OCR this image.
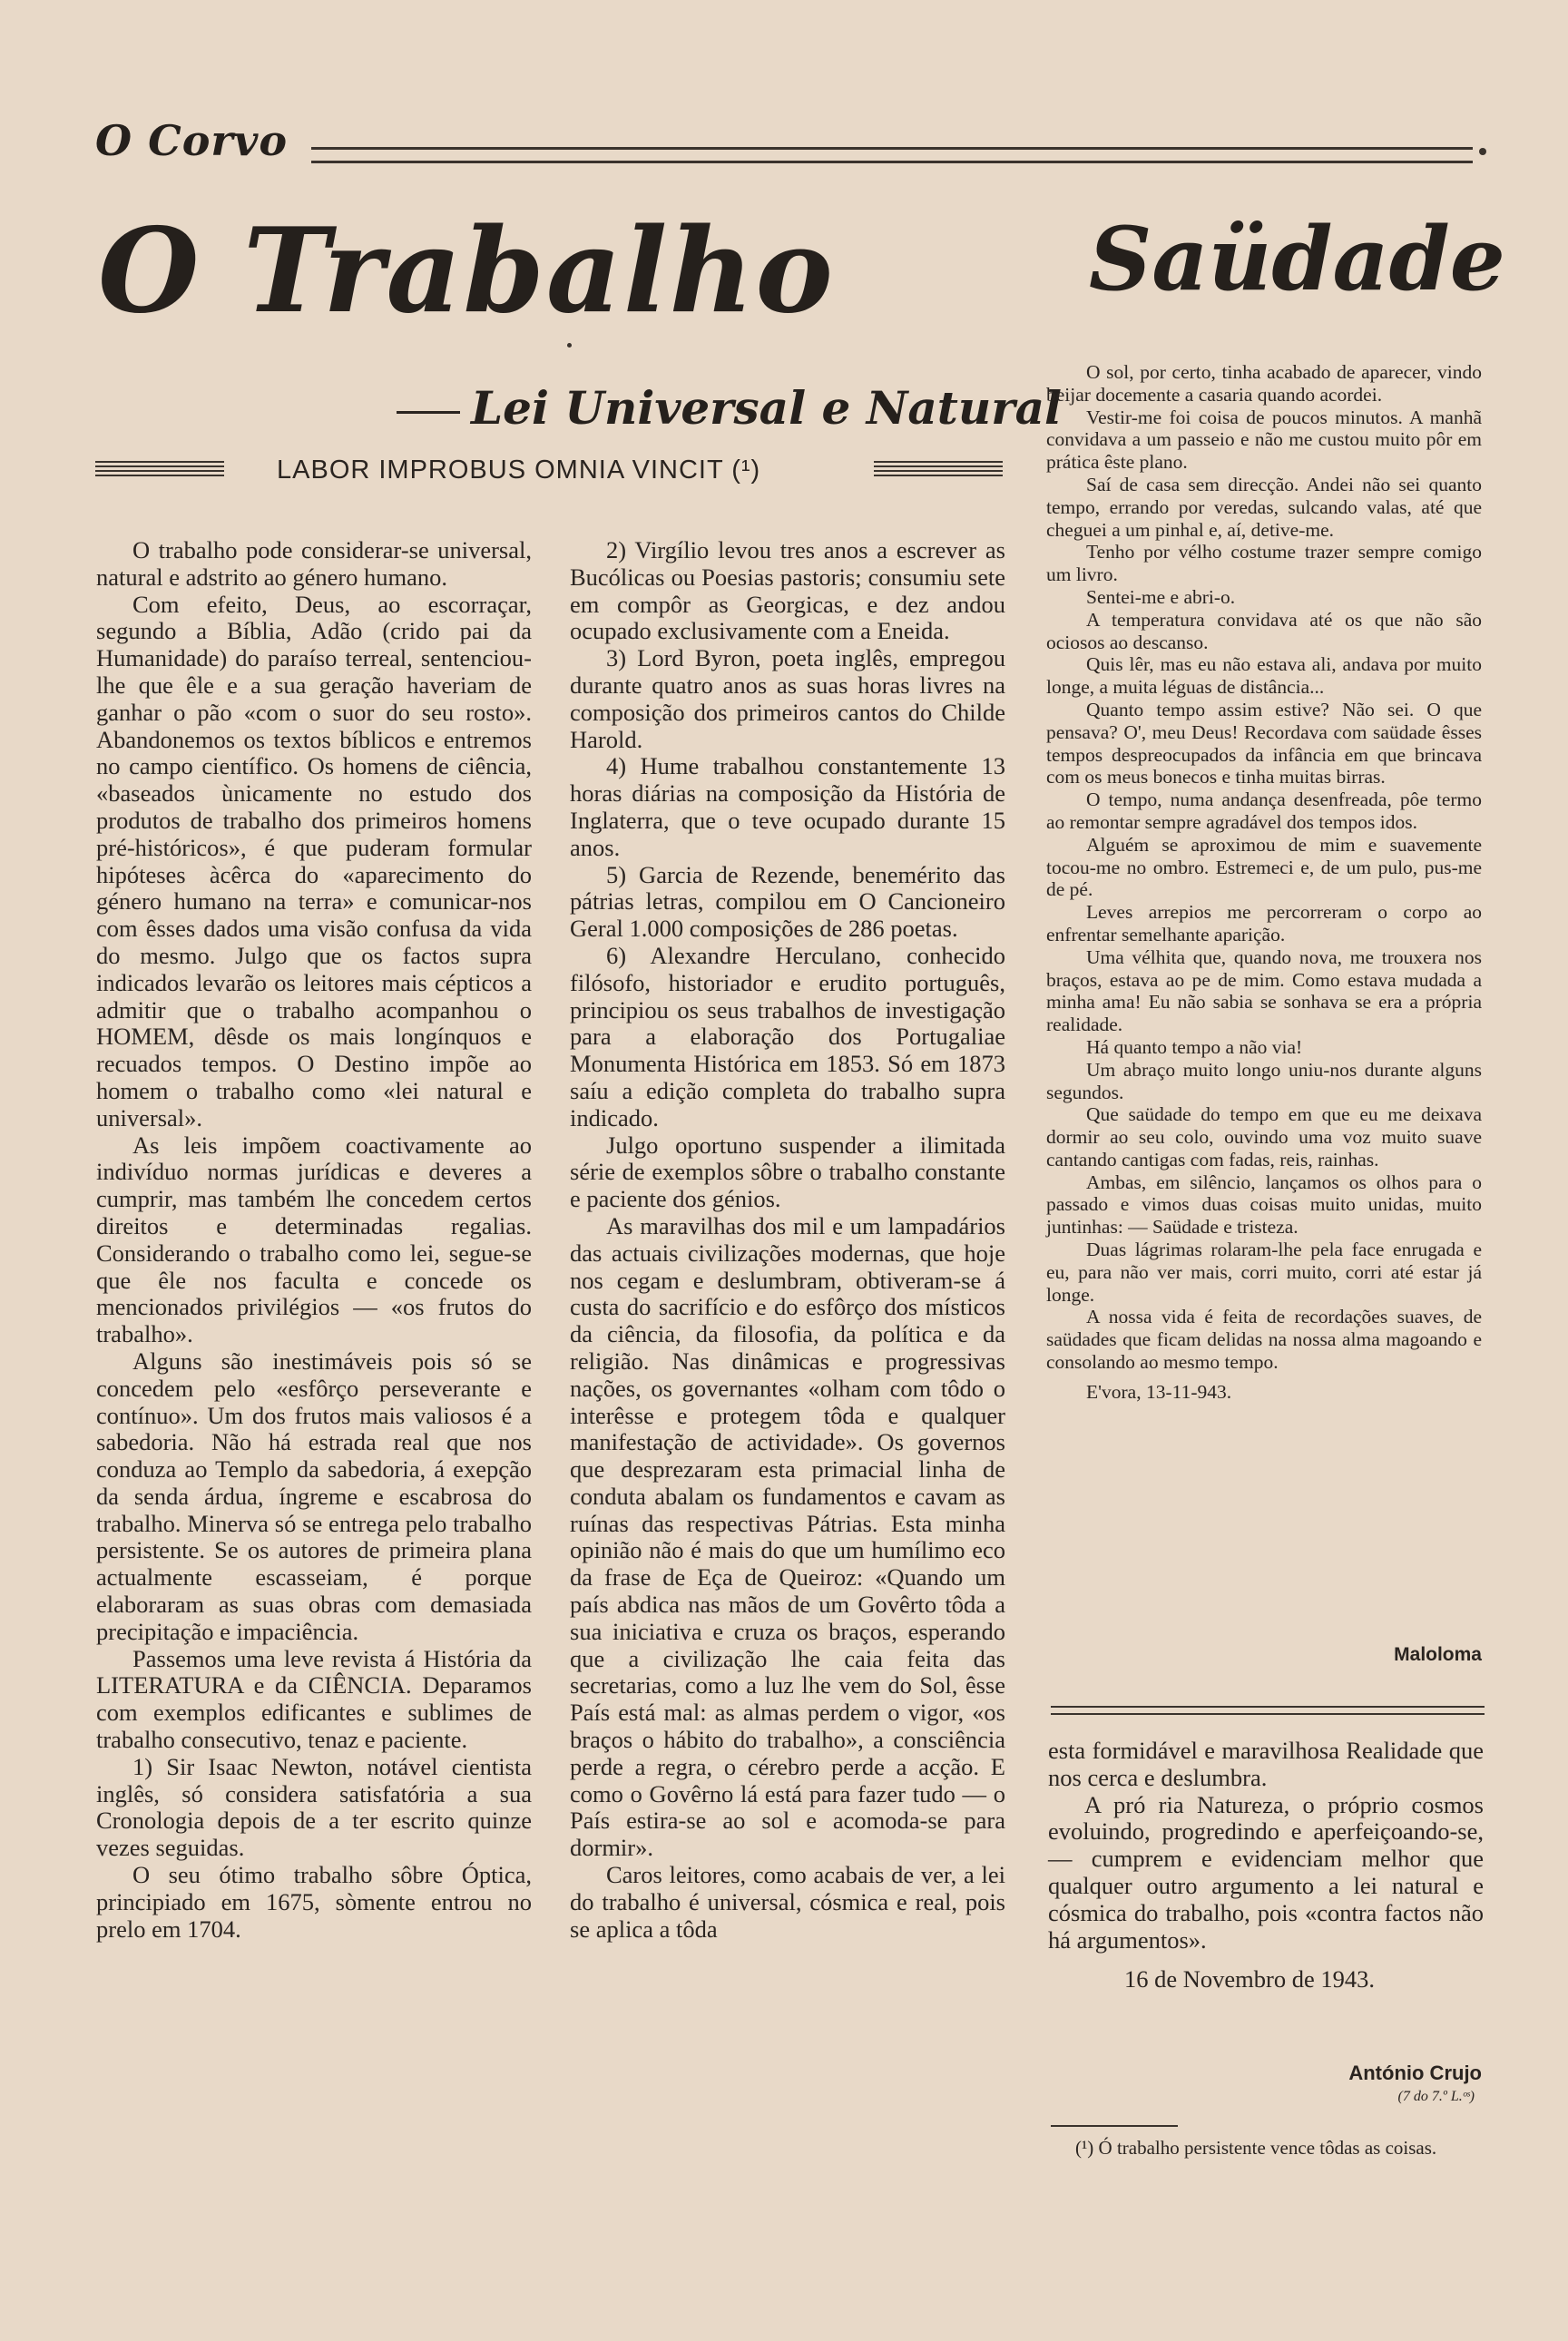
O Corvo
O Trabalho
Lei Universal e Natural
LABOR IMPROBUS OMNIA VINCIT (¹)

O trabalho pode considerar-se universal, natural e adstrito ao género humano.

Com efeito, Deus, ao escorraçar, segundo a Bíblia, Adão (crido pai da Humanidade) do paraíso terreal, sentenciou-lhe que êle e a sua geração haveriam de ganhar o pão «com o suor do seu rosto». Abandonemos os textos bíblicos e entremos no campo científico. Os homens de ciência, «baseados ùnicamente no estudo dos produtos de trabalho dos primeiros homens pré-históricos», é que puderam formular hipóteses àcêrca do «aparecimento do género humano na terra» e comunicar-nos com êsses dados uma visão confusa da vida do mesmo. Julgo que os factos supra indicados levarão os leitores mais cépticos a admitir que o trabalho acompanhou o HOMEM, dêsde os mais longínquos e recuados tempos. O Destino impõe ao homem o trabalho como «lei natural e universal».

As leis impõem coactivamente ao indivíduo normas jurídicas e deveres a cumprir, mas também lhe concedem certos direitos e determinadas regalias. Considerando o trabalho como lei, segue-se que êle nos faculta e concede os mencionados privilégios — «os frutos do trabalho».

Alguns são inestimáveis pois só se concedem pelo «esfôrço perseverante e contínuo». Um dos frutos mais valiosos é a sabedoria. Não há estrada real que nos conduza ao Templo da sabedoria, á exepção da senda árdua, íngreme e escabrosa do trabalho. Minerva só se entrega pelo trabalho persistente. Se os autores de primeira plana actualmente escasseiam, é porque elaboraram as suas obras com demasiada precipitação e impaciência.

Passemos uma leve revista á História da LITERATURA e da CIÊNCIA. Deparamos com exemplos edificantes e sublimes de trabalho consecutivo, tenaz e paciente.

1) Sir Isaac Newton, notável cientista inglês, só considera satisfatória a sua Cronologia depois de a ter escrito quinze vezes seguidas.

O seu ótimo trabalho sôbre Óptica, principiado em 1675, sòmente entrou no prelo em 1704.

2) Virgílio levou tres anos a escrever as Bucólicas ou Poesias pastoris; consumiu sete em compôr as Georgicas, e dez andou ocupado exclusivamente com a Eneida.

3) Lord Byron, poeta inglês, empregou durante quatro anos as suas horas livres na composição dos primeiros cantos do Childe Harold.

4) Hume trabalhou constantemente 13 horas diárias na composição da História de Inglaterra, que o teve ocupado durante 15 anos.

5) Garcia de Rezende, benemérito das pátrias letras, compilou em O Cancioneiro Geral 1.000 composições de 286 poetas.

6) Alexandre Herculano, conhecido filósofo, historiador e erudito português, principiou os seus trabalhos de investigação para a elaboração dos Portugaliae Monumenta Histórica em 1853. Só em 1873 saíu a edição completa do trabalho supra indicado.

Julgo oportuno suspender a ilimitada série de exemplos sôbre o trabalho constante e paciente dos génios.

As maravilhas dos mil e um lampadários das actuais civilizações modernas, que hoje nos cegam e deslumbram, obtiveram-se á custa do sacrifício e do esfôrço dos místicos da ciência, da filosofia, da política e da religião. Nas dinâmicas e progressivas nações, os governantes «olham com tôdo o interêsse e protegem tôda e qualquer manifestação de actividade». Os governos que desprezaram esta primacial linha de conduta abalam os fundamentos e cavam as ruínas das respectivas Pátrias. Esta minha opinião não é mais do que um humílimo eco da frase de Eça de Queiroz: «Quando um país abdica nas mãos de um Govêrto tôda a sua iniciativa e cruza os braços, esperando que a civilização lhe caia feita das secretarias, como a luz lhe vem do Sol, êsse País está mal: as almas perdem o vigor, «os braços o hábito do trabalho», a consciência perde a regra, o cérebro perde a acção. E como o Govêrno lá está para fazer tudo — o País estira-se ao sol e acomoda-se para dormir».

Caros leitores, como acabais de ver, a lei do trabalho é universal, cósmica e real, pois se aplica a tôda

Saüdade

O sol, por certo, tinha acabado de aparecer, vindo beijar docemente a casaria quando acordei.

Vestir-me foi coisa de poucos minutos. A manhã convidava a um passeio e não me custou muito pôr em prática êste plano.

Saí de casa sem direcção. Andei não sei quanto tempo, errando por veredas, sulcando valas, até que cheguei a um pinhal e, aí, detive-me.

Tenho por vélho costume trazer sempre comigo um livro.

Sentei-me e abri-o.

A temperatura convidava até os que não são ociosos ao descanso.

Quis lêr, mas eu não estava ali, andava por muito longe, a muita léguas de distância...

Quanto tempo assim estive? Não sei. O que pensava? O', meu Deus! Recordava com saüdade êsses tempos despreocupados da infância em que brincava com os meus bonecos e tinha muitas birras.

O tempo, numa andança desenfreada, pôe termo ao remontar sempre agradável dos tempos idos.

Alguém se aproximou de mim e suavemente tocou-me no ombro. Estremeci e, de um pulo, pus-me de pé.

Leves arrepios me percorreram o corpo ao enfrentar semelhante aparição.

Uma vélhita que, quando nova, me trouxera nos braços, estava ao pe de mim. Como estava mudada a minha ama! Eu não sabia se sonhava se era a própria realidade.

Há quanto tempo a não via!

Um abraço muito longo uniu-nos durante alguns segundos.

Que saüdade do tempo em que eu me deixava dormir ao seu colo, ouvindo uma voz muito suave cantando cantigas com fadas, reis, rainhas.

Ambas, em silêncio, lançamos os olhos para o passado e vimos duas coisas muito unidas, muito juntinhas: — Saüdade e tristeza.

Duas lágrimas rolaram-lhe pela face enrugada e eu, para não ver mais, corri muito, corri até estar já longe.

A nossa vida é feita de recordações suaves, de saüdades que ficam delidas na nossa alma magoando e consolando ao mesmo tempo.

E'vora, 13-11-943.

Maloloma

esta formidável e maravilhosa Realidade que nos cerca e deslumbra.

A pró ria Natureza, o próprio cosmos evoluindo, progredindo e aperfeiçoando-se, — cumprem e evidenciam melhor que qualquer outro argumento a lei natural e cósmica do trabalho, pois «contra factos não há argumentos».

16 de Novembro de 1943.

António Crujo
(7 do 7.º L.ᵒˢ)

(¹) Ó trabalho persistente vence tôdas as coisas.
